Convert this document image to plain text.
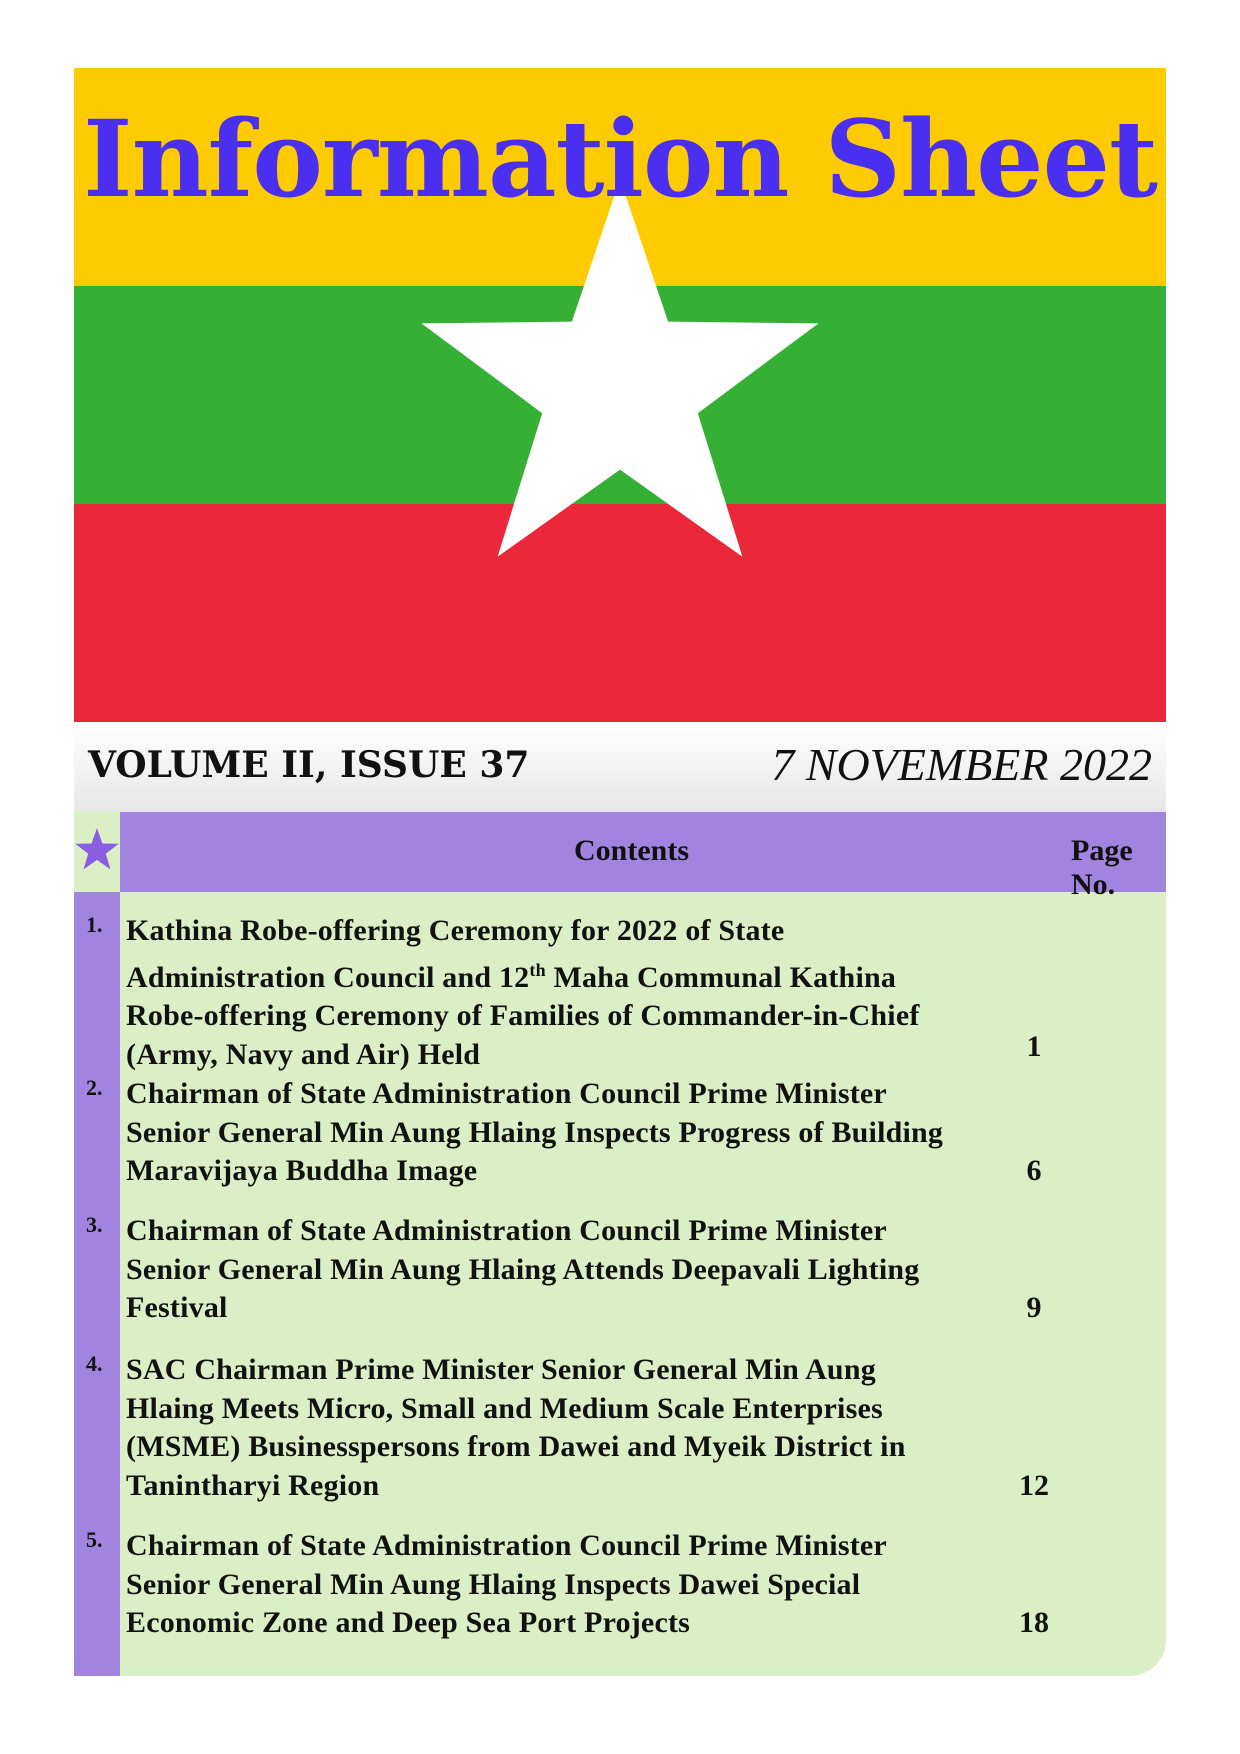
Information Sheet
VOLUME II, ISSUE 37	7 NOVEMBER 2022
Contents	Page No.
1. Kathina Robe-offering Ceremony for 2022 of State Administration Council and 12th Maha Communal Kathina Robe-offering Ceremony of Families of Commander-in-Chief (Army, Navy and Air) Held	1
2. Chairman of State Administration Council Prime Minister Senior General Min Aung Hlaing Inspects Progress of Building Maravijaya Buddha Image	6
3. Chairman of State Administration Council Prime Minister Senior General Min Aung Hlaing Attends Deepavali Lighting Festival	9
4. SAC Chairman Prime Minister Senior General Min Aung Hlaing Meets Micro, Small and Medium Scale Enterprises (MSME) Businesspersons from Dawei and Myeik District in Tanintharyi Region	12
5. Chairman of State Administration Council Prime Minister Senior General Min Aung Hlaing Inspects Dawei Special Economic Zone and Deep Sea Port Projects	18
